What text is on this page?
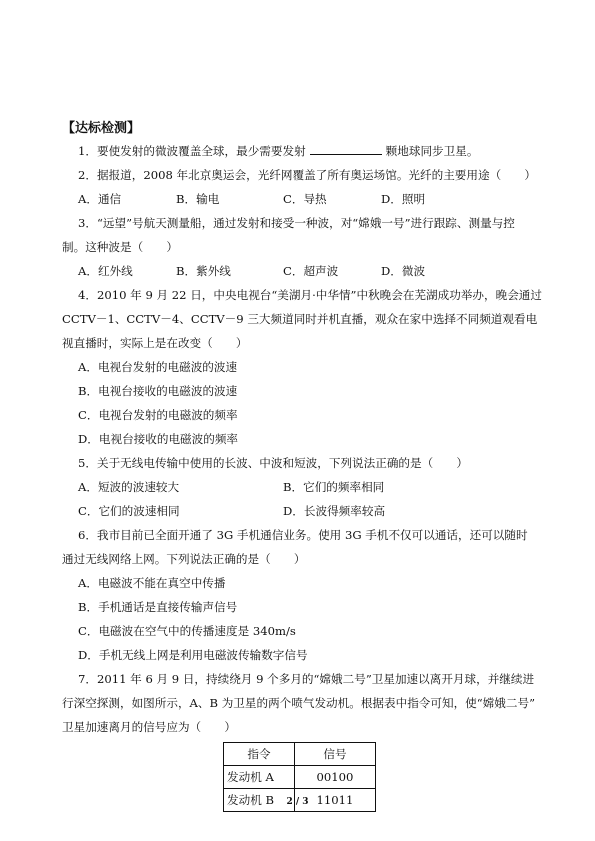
【达标检测】
1．要使发射的微波覆盖全球，最少需要发射	颗地球同步卫星。
2．据报道，2008 年北京奥运会，光纤网覆盖了所有奥运场馆。光纤的主要用途（　　）
A．通信	B．输电	C．导热	D．照明
3．“远望”号航天测量船，通过发射和接受一种波，对“嫦娥一号”进行跟踪、测量与控
制。这种波是（　　）
A．红外线	B．紫外线	C．超声波	D．微波
4．2010 年 9 月 22 日，中央电视台“美湖月·中华情”中秋晚会在芜湖成功举办，晚会通过
CCTV－1、CCTV－4、CCTV－9 三大频道同时并机直播，观众在家中选择不同频道观看电
视直播时，实际上是在改变（　　）
A．电视台发射的电磁波的波速
B．电视台接收的电磁波的波速
C．电视台发射的电磁波的频率
D．电视台接收的电磁波的频率
5．关于无线电传输中使用的长波、中波和短波，下列说法正确的是（　　）
A．短波的波速较大	B．它们的频率相同
C．它们的波速相同	D．长波得频率较高
6．我市目前已全面开通了 3G 手机通信业务。使用 3G 手机不仅可以通话，还可以随时
通过无线网络上网。下列说法正确的是（　　）
A．电磁波不能在真空中传播
B．手机通话是直接传输声信号
C．电磁波在空气中的传播速度是 340m/s
D．手机无线上网是利用电磁波传输数字信号
7．2011 年 6 月 9 日，持续绕月 9 个多月的“嫦娥二号”卫星加速以离开月球，并继续进
行深空探测，如图所示，A、B 为卫星的两个喷气发动机。根据表中指令可知，使“嫦娥二号”
卫星加速离月的信号应为（　　）
指令	信号
发动机 A	00100
发动机 B	11011
2 / 3
